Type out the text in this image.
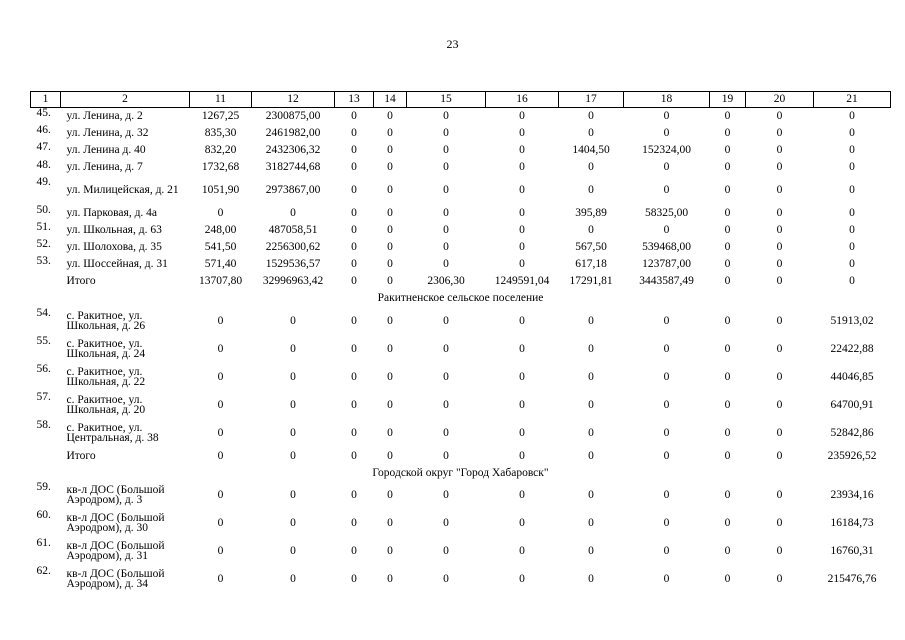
23
1	2	11	12	13	14	15	16	17	18	19	20	21
45.	ул. Ленина, д. 2	1267,25	2300875,00	0	0	0	0	0	0	0	0	0
46.	ул. Ленина, д. 32	835,30	2461982,00	0	0	0	0	0	0	0	0	0
47.	ул. Ленина д. 40	832,20	2432306,32	0	0	0	0	1404,50	152324,00	0	0	0
48.	ул. Ленина, д. 7	1732,68	3182744,68	0	0	0	0	0	0	0	0	0
49.	ул. Милицейская, д. 21	1051,90	2973867,00	0	0	0	0	0	0	0	0	0
50.	ул. Парковая, д. 4а	0	0	0	0	0	0	395,89	58325,00	0	0	0
51.	ул. Школьная, д. 63	248,00	487058,51	0	0	0	0	0	0	0	0	0
52.	ул. Шолохова, д. 35	541,50	2256300,62	0	0	0	0	567,50	539468,00	0	0	0
53.	ул. Шоссейная, д. 31	571,40	1529536,57	0	0	0	0	617,18	123787,00	0	0	0
	Итого	13707,80	32996963,42	0	0	2306,30	1249591,04	17291,81	3443587,49	0	0	0
Ракитненское сельское поселение												
54.	с. Ракитное, ул. Школьная, д. 26	0	0	0	0	0	0	0	0	0	0	51913,02
55.	с. Ракитное, ул. Школьная, д. 24	0	0	0	0	0	0	0	0	0	0	22422,88
56.	с. Ракитное, ул. Школьная, д. 22	0	0	0	0	0	0	0	0	0	0	44046,85
57.	с. Ракитное, ул. Школьная, д. 20	0	0	0	0	0	0	0	0	0	0	64700,91
58.	с. Ракитное, ул. Центральная, д. 38	0	0	0	0	0	0	0	0	0	0	52842,86
	Итого	0	0	0	0	0	0	0	0	0	0	235926,52
Городской округ "Город Хабаровск"												
59.	кв-л ДОС (Большой Аэродром), д. 3	0	0	0	0	0	0	0	0	0	0	23934,16
60.	кв-л ДОС (Большой Аэродром), д. 30	0	0	0	0	0	0	0	0	0	0	16184,73
61.	кв-л ДОС (Большой Аэродром), д. 31	0	0	0	0	0	0	0	0	0	0	16760,31
62.	кв-л ДОС (Большой Аэродром), д. 34	0	0	0	0	0	0	0	0	0	0	215476,76
